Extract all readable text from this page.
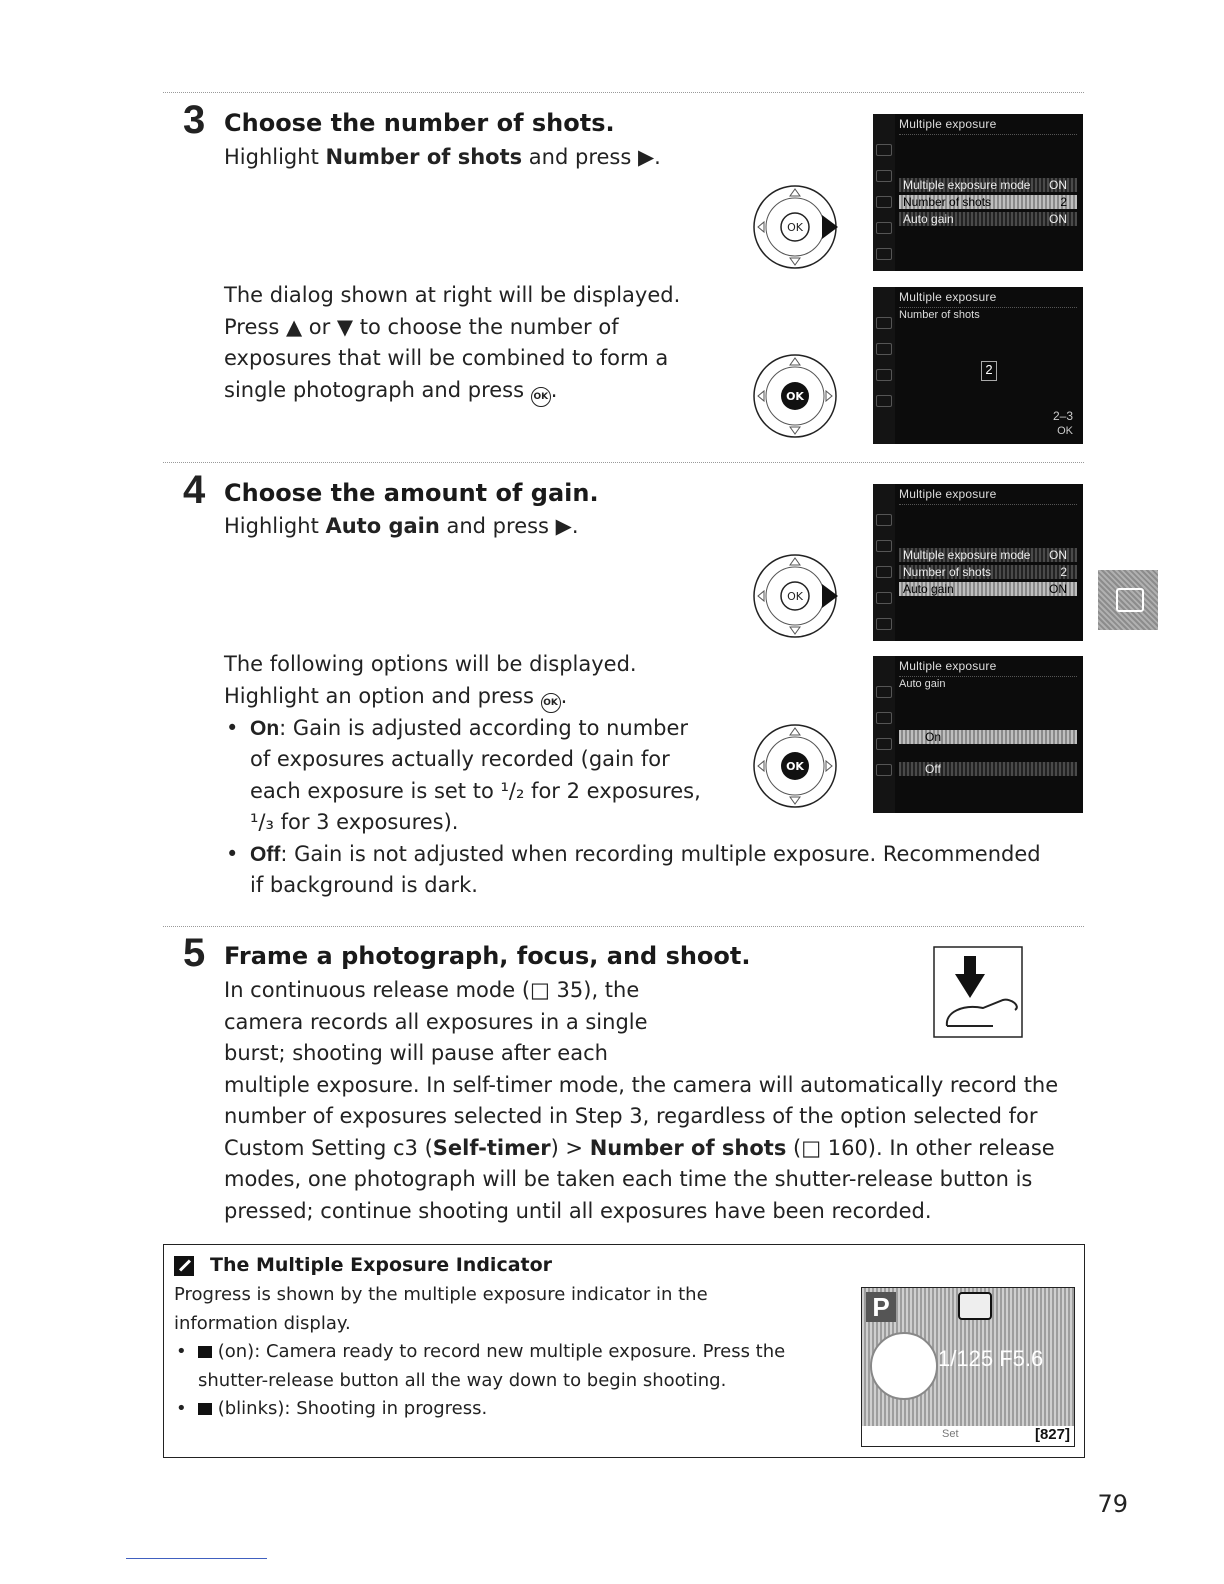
3 Choose the number of shots.
Highlight Number of shots and press ▶.
The dialog shown at right will be displayed.
Press ▲ or ▼ to choose the number of
exposures that will be combined to form a
single photograph and press OK .
OK
Multiple exposure
Multiple exposure mode ON
Number of shots	2
Auto gain	ON
OK
Multiple exposure
Number of shots
2
2–3
OK
4 Choose the amount of gain.
Highlight Auto gain and press ▶.
The following options will be displayed.
Highlight an option and press OK .
• On: Gain is adjusted according to number
of exposures actually recorded (gain for
each exposure is set to ¹/₂ for 2 exposures,
¹/₃ for 3 exposures).
• Off: Gain is not adjusted when recording multiple exposure. Recommended
if background is dark.
OK
Multiple exposure
Multiple exposure mode ON
Number of shots	2
Auto gain	ON
OK
Multiple exposure
Auto gain
On
Off
5 Frame a photograph, focus, and shoot.
In continuous release mode (□ 35), the
camera records all exposures in a single
burst; shooting will pause after each
multiple exposure. In self-timer mode, the camera will automatically record the
number of exposures selected in Step 3, regardless of the option selected for
Custom Setting c3 (Self-timer) > Number of shots (□ 160). In other release
modes, one photograph will be taken each time the shutter-release button is
pressed; continue shooting until all exposures have been recorded.
The Multiple Exposure Indicator
Progress is shown by the multiple exposure indicator in the
information display.
• (on): Camera ready to record new multiple exposure. Press the
shutter-release button all the way down to begin shooting.
• (blinks): Shooting in progress.
P
1/125 F5.6
Set	[827]
79
